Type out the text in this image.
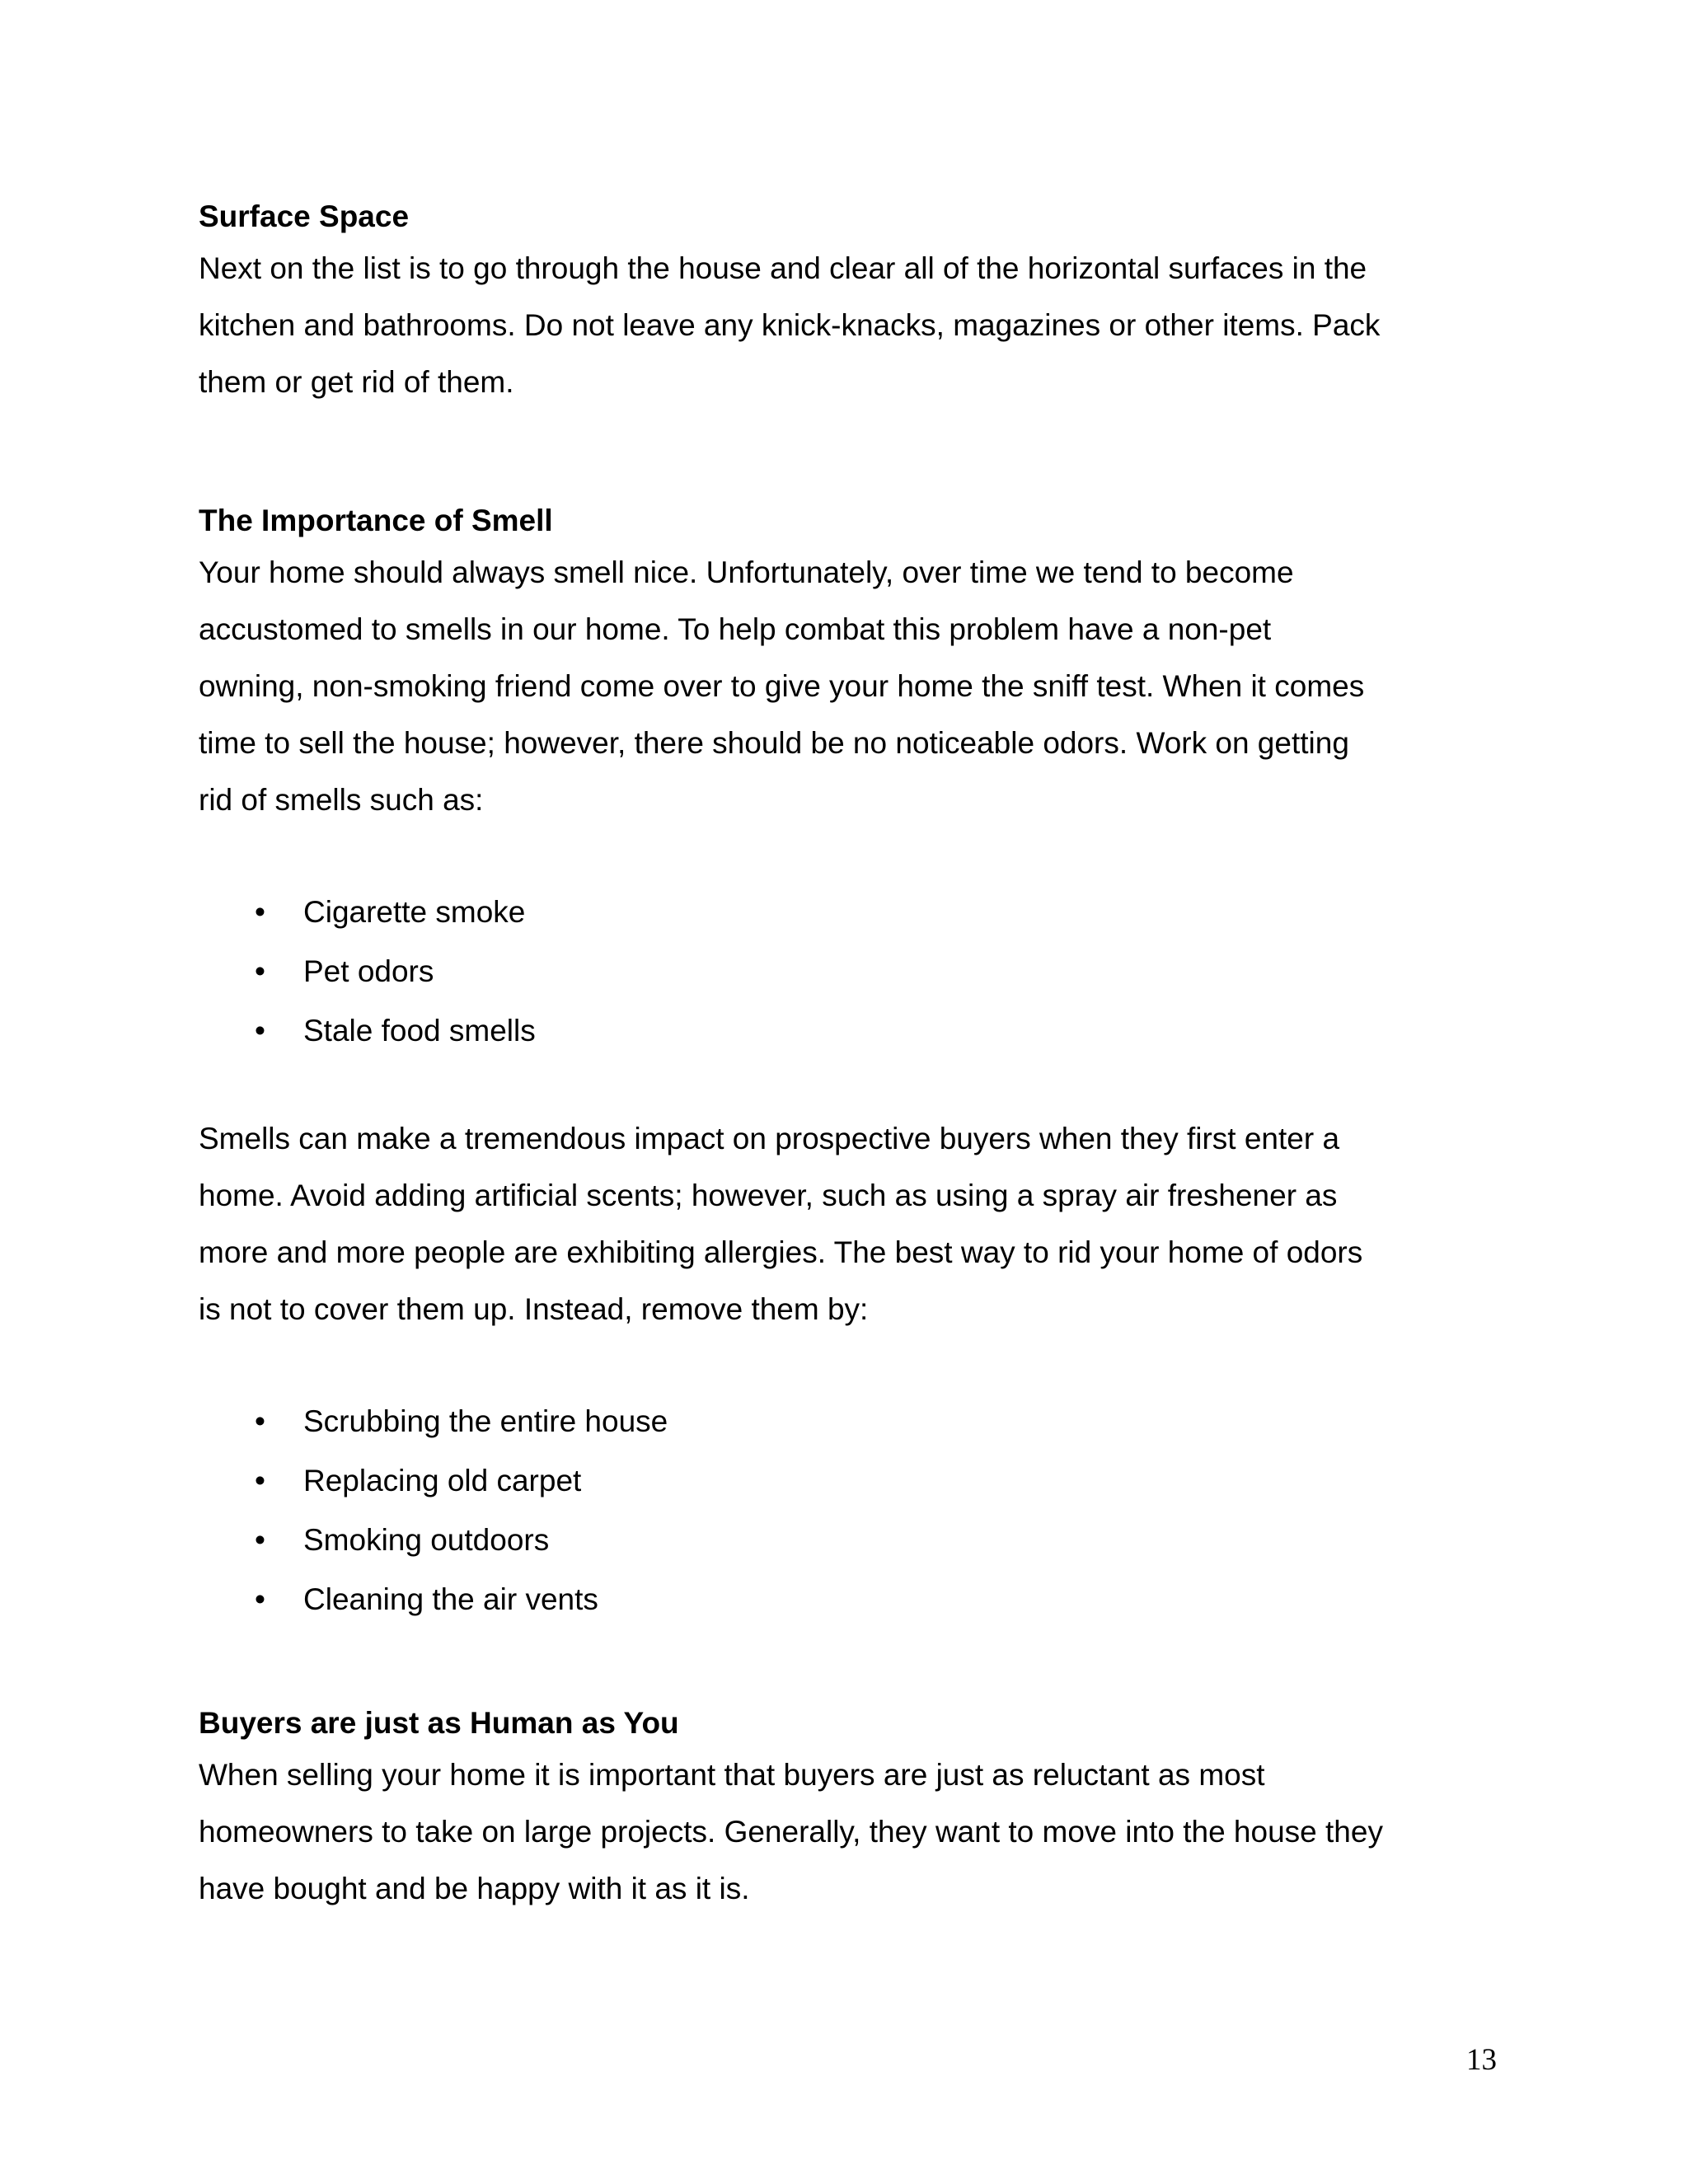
Surface Space

Next on the list is to go through the house and clear all of the horizontal surfaces in the
kitchen and bathrooms. Do not leave any knick-knacks, magazines or other items. Pack
them or get rid of them.

The Importance of Smell

Your home should always smell nice. Unfortunately, over time we tend to become
accustomed to smells in our home. To help combat this problem have a non-pet
owning, non-smoking friend come over to give your home the sniff test. When it comes
time to sell the house; however, there should be no noticeable odors. Work on getting
rid of smells such as:

• Cigarette smoke
• Pet odors
• Stale food smells

Smells can make a tremendous impact on prospective buyers when they first enter a
home. Avoid adding artificial scents; however, such as using a spray air freshener as
more and more people are exhibiting allergies. The best way to rid your home of odors
is not to cover them up. Instead, remove them by:

• Scrubbing the entire house
• Replacing old carpet
• Smoking outdoors
• Cleaning the air vents
Buyers are just as Human as You

When selling your home it is important that buyers are just as reluctant as most
homeowners to take on large projects. Generally, they want to move into the house they
have bought and be happy with it as it is.

13
